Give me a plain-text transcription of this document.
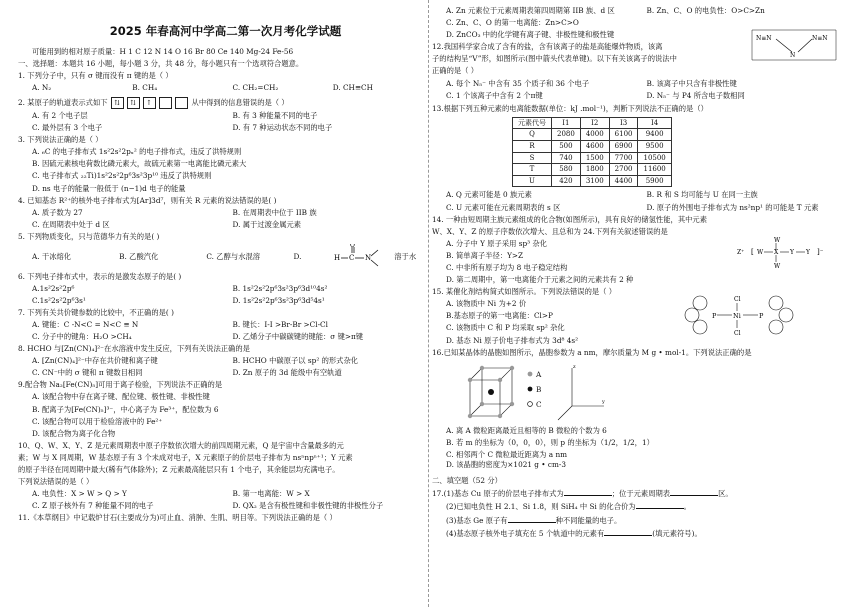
2025 年春高河中学高二第一次月考化学试题

可能用到的相对原子质量：H 1 C 12 N 14 O 16 Br 80 Ce 140 Mg-24 Fe-56

一、选择题：本题共 16 小题，每小题 3 分，共 48 分，每小题只有一个选项符合题意。

1. 下列分子中，只有 σ 键而没有 π 键的是（ ）

A. N₂	B. CH₄	C. CH₂=CH₂	D. CH≡CH

2. 某原子的轨道表示式如下 ⇅	⇅	↑	从中得到的信息错误的是（ ）

A. 有 2 个电子层	B. 有 3 种能量不同的电子
C. 最外层有 3 个电子	D. 有 7 种运动状态不同的电子

3. 下列说法正确的是（ ）

A. ₆C 的电子排布式 1s²2s²2pₓ² 的电子排布式，违反了洪特规则

B. 因硫元素核电荷数比磷元素大，故硫元素第一电离能比磷元素大

C. 电子排布式 ₂₂Ti)1s²2s²2p⁶3s²3p¹⁰ 违反了洪特规则

D. ns 电子的能量一般低于 (n−1)d 电子的能量

4. 已知基态 R²⁺的核外电子排布式为[Ar]3d⁷，则有关 R 元素的说法错误的是( )

A. 质子数为 27	B. 在周期表中位于 IIB 族
C. 在周期表中处于 d 区	D. 属于过渡金属元素

5. 下列物质变化，只与范德华力有关的是( )

A. 干冰熔化	B. 乙酸汽化	C. 乙醇与水混溶	D.	H C
O
N	溶于水

6. 下列电子排布式中，表示的是激发态原子的是( )

A.1s²2s²2p⁶	B. 1s²2s²2p⁶3s²3p⁶3d¹⁰4s²
C.1s²2s²2p⁶3s¹	D. 1s²2s²2p⁶3s²3p⁶3d⁵4s¹

7. 下列有关共价键参数的比较中，不正确的是( )

A. 键能：C -N<C = N<C ≡ N	B. 键长：I-I >Br-Br >Cl-Cl
C. 分子中的键角：H₂O >CH₄	D. 乙烯分子中碳碳键的键能：σ 键>π键

8. HCHO 与[Zn(CN)₄]²⁻在水溶液中发生反应，下列有关说法正确的是

A. [Zn(CN)₄]²⁻中存在共价键和离子键	B. HCHO 中碳原子以 sp² 的形式杂化
C. CN⁻中的 σ 键和 π 键数目相同	D. Zn 原子的 3d 能级中有空轨道

9.配合物 Na₂[Fe(CN)₅]可用于离子检验，下列说法不正确的是

A. 该配合物中存在离子键、配位键、极性键、非极性键

B. 配离子为[Fe(CN)₅]³⁻，中心离子为 Fe³⁺，配位数为 6

C. 该配合物可以用于检验溶液中的 Fe²⁺

D. 该配合物为离子化合物

10、Q、W、X、Y、Z 是元素周期表中原子序数依次增大的前四周期元素，Q 是宇宙中含量最多的元

素；W 与 X 同周期，W 基态原子有 3 个未成对电子，X 元素原子的价层电子排布为 nsⁿnpⁿ⁺¹；Y 元素

的原子半径在同周期中最大(稀有气体除外)；Z 元素最高能层只有 1 个电子，其余能层均充满电子。

下列说法错误的是（ ）

A. 电负性：X > W > Q > Y	B. 第一电离能：W > X
C. Z 原子核外有 7 种能量不同的电子	D. QX₂ 是含有极性键和非极性键的非极性分子

11.《本草纲目》中记载炉甘石(主要成分为)可止血、消肿、生肌、明目等。下列说法正确的是（ ）

A. Zn 元素位于元素周期表第四周期第 IIB 族、d 区	B. Zn、C、O 的电负性：O>C>Zn

C. Zn、C、O 的第一电离能：Zn>C>O

D. ZnCO₃ 中的化学键有离子键、非极性键和极性键

12.我国科学家合成了含有的盐，含有该离子的盐是高能爆炸物质，该离

子的结构呈“V”形，如图所示(图中箭头代表单键)。以下有关该离子的说法中

正确的是（ ）

N≡N
N
N≡N
A. 每个 N₅⁻ 中含有 35 个质子和 36 个电子	B. 该离子中只含有非极性键
C. 1 个该离子中含有 2 个π键	D. N₅⁻ 与 P4 所含电子数相同

13.根据下列五种元素的电离能数据(单位：kJ .mol⁻¹)，判断下列说法不正确的是（）

元素代号	I1	I2	I3	I4
Q	2080	4000	6100	9400
R	500	4600	6900	9500
S	740	1500	7700	10500
T	580	1800	2700	11600
U	420	3100	4400	5900
A. Q 元素可能是 0 族元素	B. R 和 S 均可能与 U 在同一主族
C. U 元素可能在元素周期表的 s 区	D. 原子的外围电子排布式为 ns²np¹ 的可能是 T 元素

14. 一种由短周期主族元素组成的化合物(如图所示)，具有良好的储氢性能，其中元素

W、X、Y、Z 的原子序数依次增大、且总和为 24.下列有关叙述错误的是

A. 分子中 Y 原子采用 sp³ 杂化

B. 简单离子半径：Y>Z

C. 中非所有原子均为 8 电子稳定结构

D. 第二周期中，第一电离能介于元素之间的元素共有 2 种

Z⁺ [ W X
W
W
Y Y ]⁻

15. 某催化剂结构简式如图所示。下列说法错误的是（ ）

A. 该物质中 Ni 为+2 价

B.基态原子的第一电离能：Cl>P

C. 该物质中 C 和 P 均采取 sp² 杂化

D. 基态 Ni 原子价电子排布式为 3d⁸ 4s²

P	Ni
Cl
Cl
P

16.已知某晶体的晶胞如图所示，晶胞参数为 a nm，摩尔质量为 M g • mol-1。下列说法正确的是

z
y
A
B
C

A. 离 A 微粒距离最近且相等的 B 微粒的个数为 6

B. 若 m 的坐标为（0，0，0），则 p 的坐标为（1/2，1/2，1）

C. 相邻两个 C 微粒最近距离为 a nm

D. 该晶胞的密度为×1021 g • cm-3

二、填空题（52 分）

17.(1)基态 Cu 原子的价层电子排布式为	；位于元素周期表	区。

(2)已知电负性 H 2.1、Si 1.8，则 SiH₄ 中 Si 的化合价为	。

(3)基态 Ge 原子有	种不同能量的电子。

(4)基态原子核外电子填充在 5 个轨道中的元素有	(填元素符号)。
